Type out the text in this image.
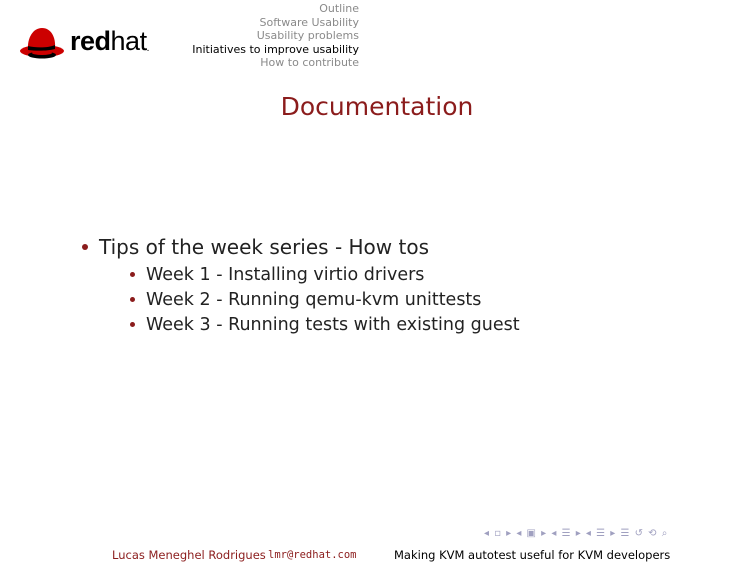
redhat.
Outline
Software Usability
Usability problems
Initiatives to improve usability
How to contribute
Documentation
Tips of the week series - How tos
Week 1 - Installing virtio drivers
Week 2 - Running qemu-kvm unittests
Week 3 - Running tests with existing guest
◂ ▫ ▸ ◂ ▣ ▸ ◂ ☰ ▸ ◂ ☰ ▸ ☰ ↺ ⟲ ⌕
Lucas Meneghel Rodrigues lmr@redhat.com	Making KVM autotest useful for KVM developers
